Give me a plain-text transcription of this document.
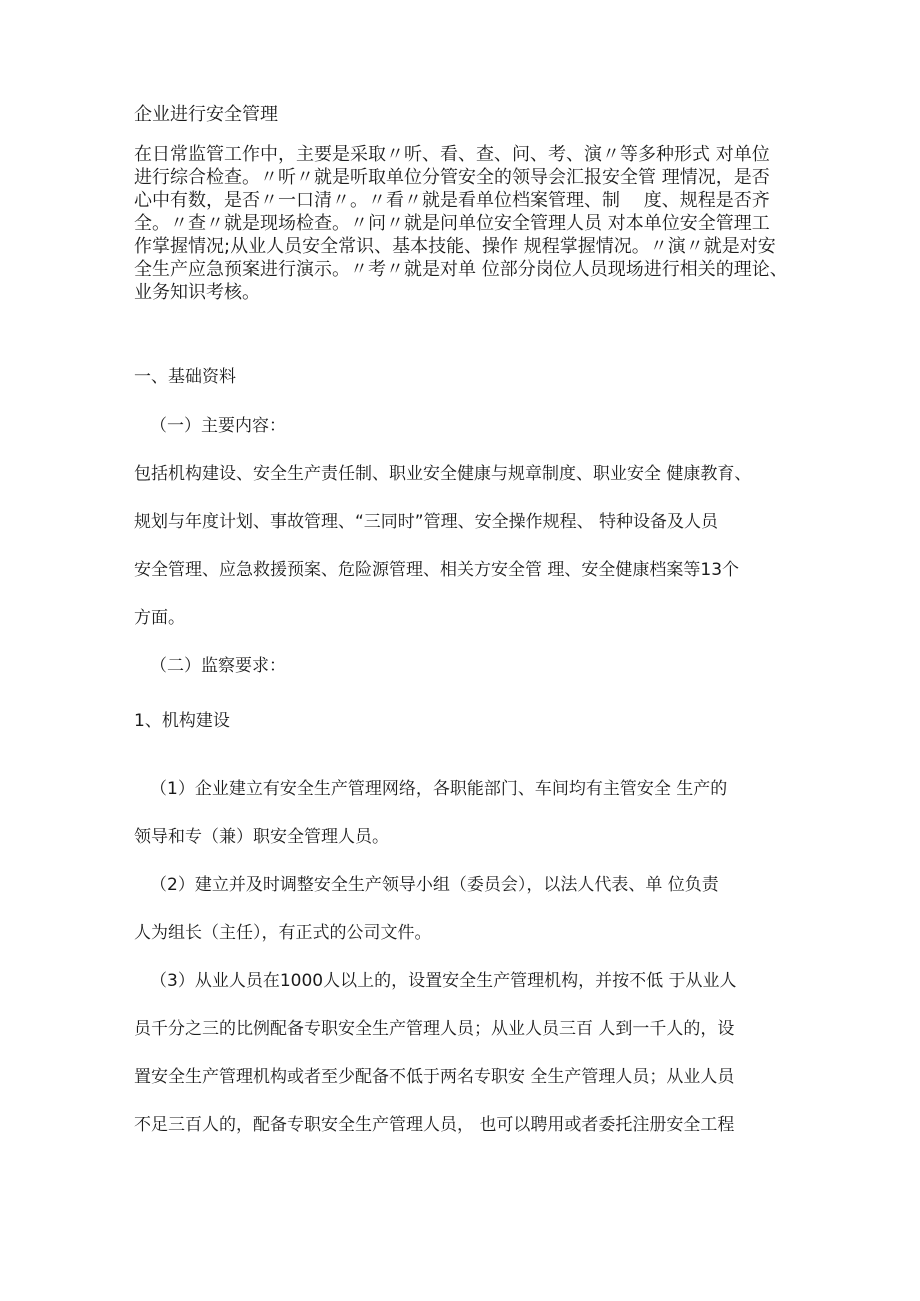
企业进行安全管理
在日常监管工作中，主要是采取〃听、看、查、问、考、演〃等多种形式 对单位
进行综合检查。〃听〃就是听取单位分管安全的领导会汇报安全管 理情况，是否
心中有数，是否〃一口清〃。〃看〃就是看单位档案管理、制　 度、规程是否齐
全。〃查〃就是现场检查。〃问〃就是问单位安全管理人员 对本单位安全管理工
作掌握情况;从业人员安全常识、基本技能、操作 规程掌握情况。〃演〃就是对安
全生产应急预案进行演示。〃考〃就是对单 位部分岗位人员现场进行相关的理论、
业务知识考核。
一、基础资料
（一）主要内容：
包括机构建设、安全生产责任制、职业安全健康与规章制度、职业安全 健康教育、
规划与年度计划、事故管理、“三同时”管理、安全操作规程、 特种设备及人员
安全管理、应急救援预案、危险源管理、相关方安全管 理、安全健康档案等13个
方面。
（二）监察要求：
1、机构建设
（1）企业建立有安全生产管理网络，各职能部门、车间均有主管安全 生产的
领导和专（兼）职安全管理人员。
（2）建立并及时调整安全生产领导小组（委员会），以法人代表、单 位负责
人为组长（主任），有正式的公司文件。
（3）从业人员在1000人以上的，设置安全生产管理机构，并按不低 于从业人
员千分之三的比例配备专职安全生产管理人员；从业人员三百 人到一千人的，设
置安全生产管理机构或者至少配备不低于两名专职安 全生产管理人员；从业人员
不足三百人的，配备专职安全生产管理人员， 也可以聘用或者委托注册安全工程
